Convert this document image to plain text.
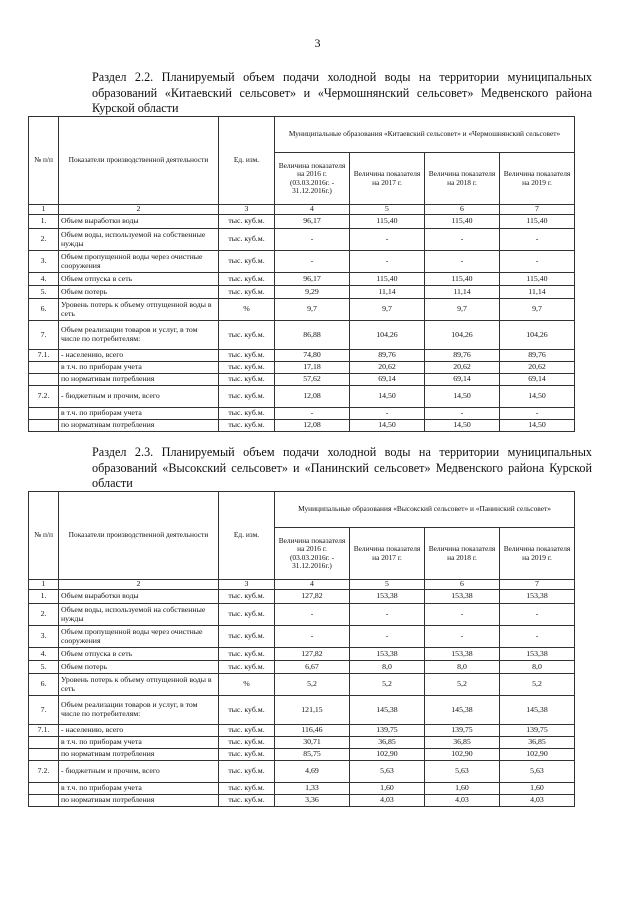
3
Раздел 2.2. Планируемый объем подачи холодной воды на территории муниципальных образований «Китаевский сельсовет» и «Чермошнянский сельсовет» Медвенского района Курской области
№ п/п	Показатели производственной деятельности	Ед. изм.	Муниципальные образования «Китаевский сельсовет» и «Чермошнянский сельсовет»			
			Величина показателя на 2016 г. (03.03.2016г. - 31.12.2016г.)	Величина показателя на 2017 г.	Величина показателя на 2018 г.	Величина показателя на 2019 г.
1	2	3	4	5	6	7
1.	Объем выработки воды	тыс. куб.м.	96,17	115,40	115,40	115,40
2.	Объем воды, используемой на собственные нужды	тыс. куб.м.	-	-	-	-
3.	Объем пропущенной воды через очистные сооружения	тыс. куб.м.	-	-	-	-
4.	Объем отпуска в сеть	тыс. куб.м.	96,17	115,40	115,40	115,40
5.	Объем потерь	тыс. куб.м.	9,29	11,14	11,14	11,14
6.	Уровень потерь к объему отпущенной воды в сеть	%	9,7	9,7	9,7	9,7
7.	Объем реализации товаров и услуг, в том числе по потребителям:	тыс. куб.м.	86,88	104,26	104,26	104,26
7.1.	- населению, всего	тыс. куб.м.	74,80	89,76	89,76	89,76
	в т.ч. по приборам учета	тыс. куб.м.	17,18	20,62	20,62	20,62
	по нормативам потребления	тыс. куб.м.	57,62	69,14	69,14	69,14
7.2.	- бюджетным и прочим, всего	тыс. куб.м.	12,08	14,50	14,50	14,50
	в т.ч. по приборам учета	тыс. куб.м.	-	-	-	-
	по нормативам потребления	тыс. куб.м.	12,08	14,50	14,50	14,50
Раздел 2.3. Планируемый объем подачи холодной воды на территории муниципальных образований «Высокский сельсовет» и «Панинский сельсовет» Медвенского района Курской области
№ п/п	Показатели производственной деятельности	Ед. изм.	Муниципальные образования «Высокский сельсовет» и «Панинский сельсовет»			
			Величина показателя на 2016 г. (03.03.2016г. - 31.12.2016г.)	Величина показателя на 2017 г.	Величина показателя на 2018 г.	Величина показателя на 2019 г.
1	2	3	4	5	6	7
1.	Объем выработки воды	тыс. куб.м.	127,82	153,38	153,38	153,38
2.	Объем воды, используемой на собственные нужды	тыс. куб.м.	-	-	-	-
3.	Объем пропущенной воды через очистные сооружения	тыс. куб.м.	-	-	-	-
4.	Объем отпуска в сеть	тыс. куб.м.	127,82	153,38	153,38	153,38
5.	Объем потерь	тыс. куб.м.	6,67	8,0	8,0	8,0
6.	Уровень потерь к объему отпущенной воды в сеть	%	5,2	5,2	5,2	5,2
7.	Объем реализации товаров и услуг, в том числе по потребителям:	тыс. куб.м.	121,15	145,38	145,38	145,38
7.1.	- населению, всего	тыс. куб.м.	116,46	139,75	139,75	139,75
	в т.ч. по приборам учета	тыс. куб.м.	30,71	36,85	36,85	36,85
	по нормативам потребления	тыс. куб.м.	85,75	102,90	102,90	102,90
7.2.	- бюджетным и прочим, всего	тыс. куб.м.	4,69	5,63	5,63	5,63
	в т.ч. по приборам учета	тыс. куб.м.	1,33	1,60	1,60	1,60
	по нормативам потребления	тыс. куб.м.	3,36	4,03	4,03	4,03
